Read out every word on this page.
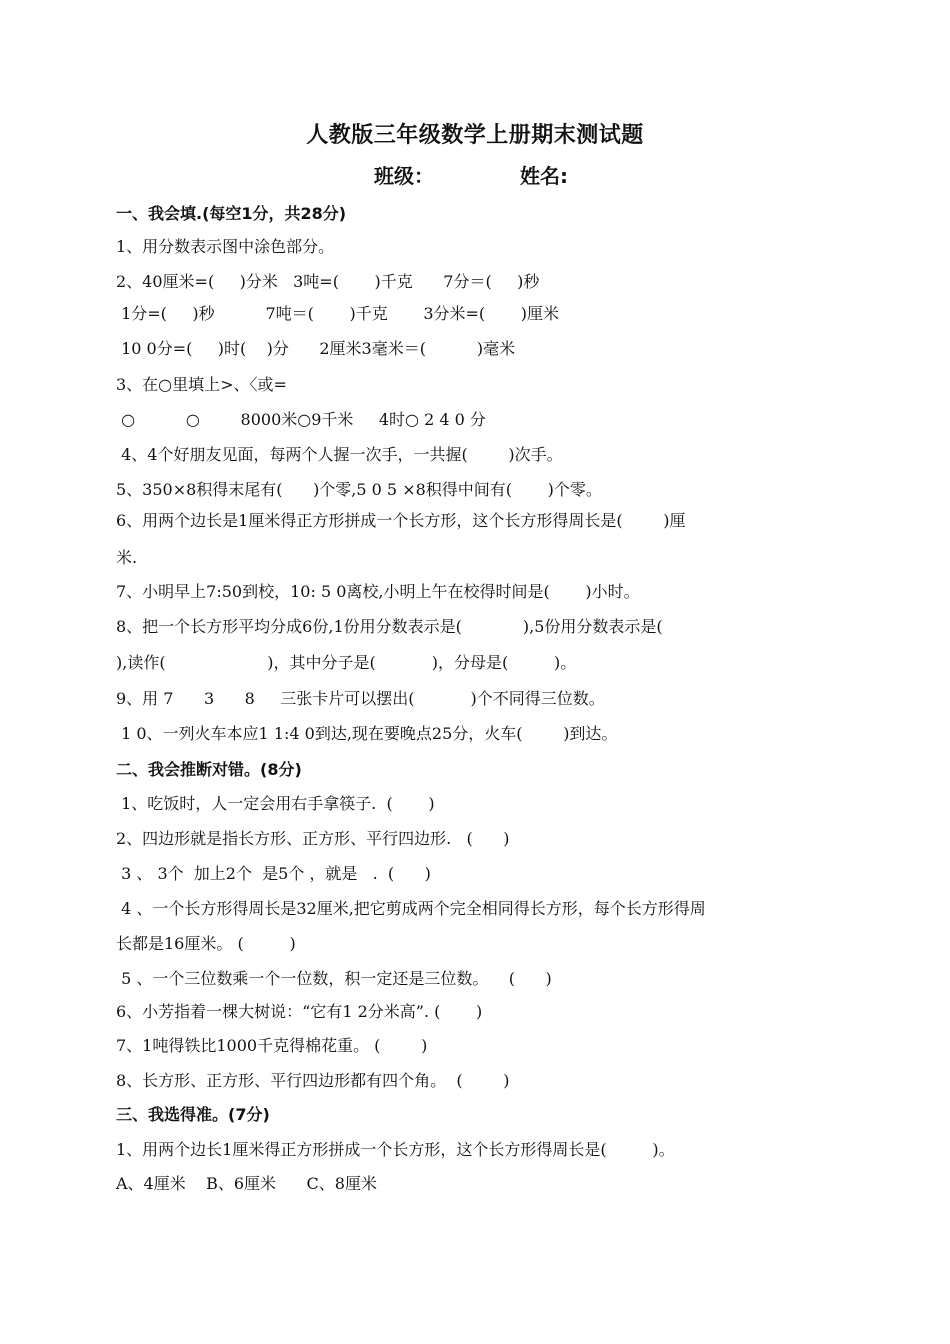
人教版三年级数学上册期末测试题
班级：	姓名:
一、我会填.(每空1分，共28分)
1、用分数表示图中涂色部分。
2、40厘米=(     )分米   3吨=(       )千克      7分＝(     )秒
1分=(     )秒          7吨＝(       )千克       3分米=(       )厘米
10 0分=(     )时(    )分      2厘米3毫米＝(          )毫米
3、在○里填上>、〈或=
○          ○        8000米○9千米     4时○ 2 4 0 分
4、4个好朋友见面，每两个人握一次手，一共握(        )次手。
5、350×8积得末尾有(      )个零,5 0 5 ×8积得中间有(       )个零。
6、用两个边长是1厘米得正方形拼成一个长方形，这个长方形得周长是(        )厘
米.
7、小明早上7:50到校，10: 5 0离校,小明上午在校得时间是(       )小时。
8、把一个长方形平均分成6份,1份用分数表示是(            ),5份用分数表示是(
),读作(                    )，其中分子是(           )，分母是(         )。
9、用 7      3      8     三张卡片可以摆出(           )个不同得三位数。
1 0、一列火车本应1 1:4 0到达,现在要晚点25分，火车(        )到达。
二、我会推断对错。(8分)
1、吃饭时，人一定会用右手拿筷子.  (       )
2、四边形就是指长方形、正方形、平行四边形.   (      )
3 、 3个  加上2个  是5个 ，就是   .  (      )
4 、一个长方形得周长是32厘米,把它剪成两个完全相同得长方形，每个长方形得周
长都是16厘米。 (         )
5 、一个三位数乘一个一位数，积一定还是三位数。    (      )
6、小芳指着一棵大树说：“它有1 2分米高”. (       )
7、1吨得铁比1000千克得棉花重。 (        )
8、长方形、正方形、平行四边形都有四个角。  (        )
三、我选得准。(7分)
1、用两个边长1厘米得正方形拼成一个长方形，这个长方形得周长是(         )。
A、4厘米    B、6厘米      C、8厘米
